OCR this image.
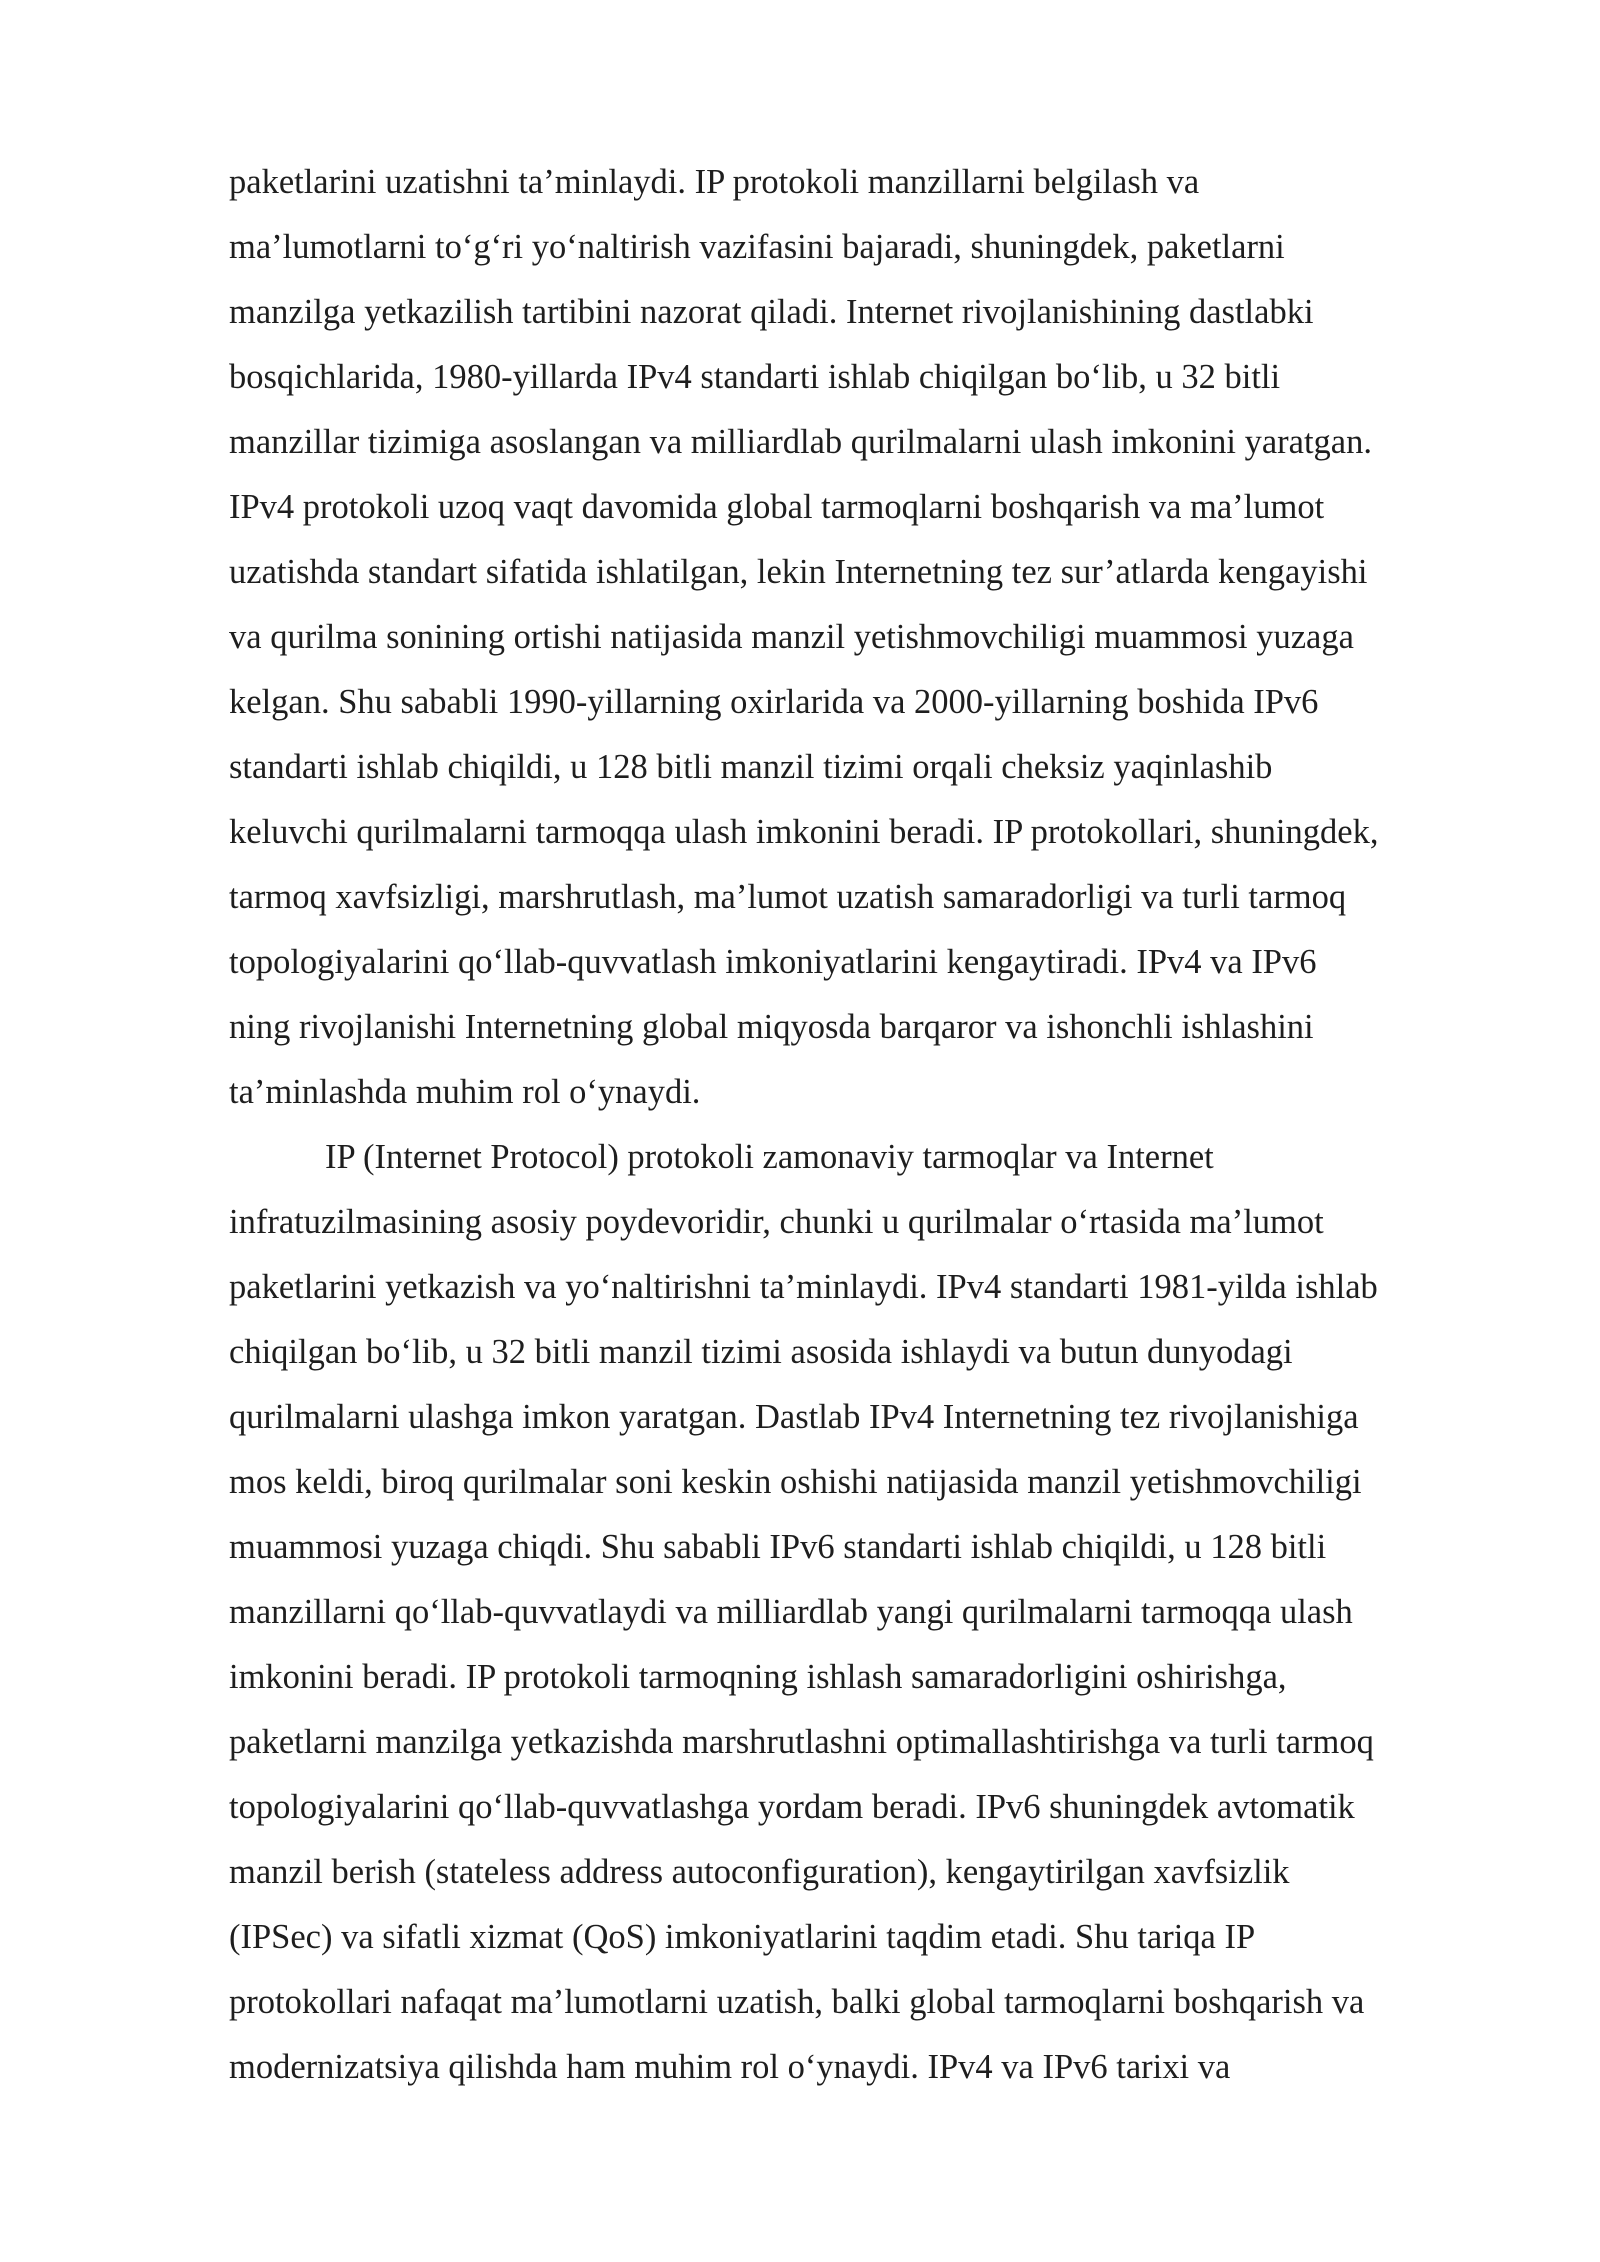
paketlarini uzatishni ta’minlaydi. IP protokoli manzillarni belgilash va
ma’lumotlarni to‘g‘ri yo‘naltirish vazifasini bajaradi, shuningdek, paketlarni
manzilga yetkazilish tartibini nazorat qiladi. Internet rivojlanishining dastlabki
bosqichlarida, 1980-yillarda IPv4 standarti ishlab chiqilgan bo‘lib, u 32 bitli
manzillar tizimiga asoslangan va milliardlab qurilmalarni ulash imkonini yaratgan.
IPv4 protokoli uzoq vaqt davomida global tarmoqlarni boshqarish va ma’lumot
uzatishda standart sifatida ishlatilgan, lekin Internetning tez sur’atlarda kengayishi
va qurilma sonining ortishi natijasida manzil yetishmovchiligi muammosi yuzaga
kelgan. Shu sababli 1990-yillarning oxirlarida va 2000-yillarning boshida IPv6
standarti ishlab chiqildi, u 128 bitli manzil tizimi orqali cheksiz yaqinlashib
keluvchi qurilmalarni tarmoqqa ulash imkonini beradi. IP protokollari, shuningdek,
tarmoq xavfsizligi, marshrutlash, ma’lumot uzatish samaradorligi va turli tarmoq
topologiyalarini qo‘llab-quvvatlash imkoniyatlarini kengaytiradi. IPv4 va IPv6
ning rivojlanishi Internetning global miqyosda barqaror va ishonchli ishlashini
ta’minlashda muhim rol o‘ynaydi.
IP (Internet Protocol) protokoli zamonaviy tarmoqlar va Internet
infratuzilmasining asosiy poydevoridir, chunki u qurilmalar o‘rtasida ma’lumot
paketlarini yetkazish va yo‘naltirishni ta’minlaydi. IPv4 standarti 1981-yilda ishlab
chiqilgan bo‘lib, u 32 bitli manzil tizimi asosida ishlaydi va butun dunyodagi
qurilmalarni ulashga imkon yaratgan. Dastlab IPv4 Internetning tez rivojlanishiga
mos keldi, biroq qurilmalar soni keskin oshishi natijasida manzil yetishmovchiligi
muammosi yuzaga chiqdi. Shu sababli IPv6 standarti ishlab chiqildi, u 128 bitli
manzillarni qo‘llab-quvvatlaydi va milliardlab yangi qurilmalarni tarmoqqa ulash
imkonini beradi. IP protokoli tarmoqning ishlash samaradorligini oshirishga,
paketlarni manzilga yetkazishda marshrutlashni optimallashtirishga va turli tarmoq
topologiyalarini qo‘llab-quvvatlashga yordam beradi. IPv6 shuningdek avtomatik
manzil berish (stateless address autoconfiguration), kengaytirilgan xavfsizlik
(IPSec) va sifatli xizmat (QoS) imkoniyatlarini taqdim etadi. Shu tariqa IP
protokollari nafaqat ma’lumotlarni uzatish, balki global tarmoqlarni boshqarish va
modernizatsiya qilishda ham muhim rol o‘ynaydi. IPv4 va IPv6 tarixi va
